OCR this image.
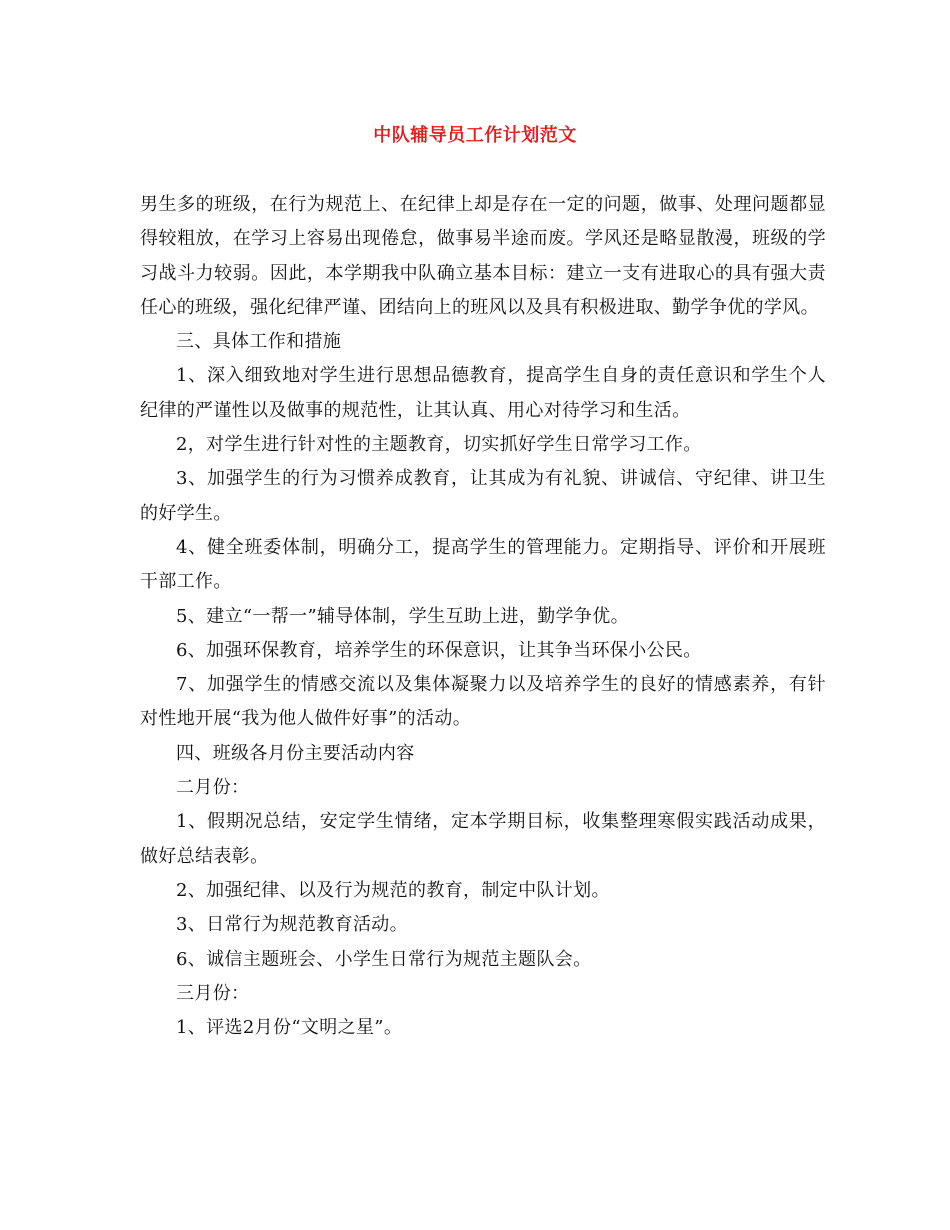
中队辅导员工作计划范文

男生多的班级，在行为规范上、在纪律上却是存在一定的问题，做事、处理问题都显得较粗放，在学习上容易出现倦怠，做事易半途而废。学风还是略显散漫，班级的学习战斗力较弱。因此，本学期我中队确立基本目标：建立一支有进取心的具有强大责任心的班级，强化纪律严谨、团结向上的班风以及具有积极进取、勤学争优的学风。

三、具体工作和措施

1、深入细致地对学生进行思想品德教育，提高学生自身的责任意识和学生个人纪律的严谨性以及做事的规范性，让其认真、用心对待学习和生活。

2，对学生进行针对性的主题教育，切实抓好学生日常学习工作。

3、加强学生的行为习惯养成教育，让其成为有礼貌、讲诚信、守纪律、讲卫生的好学生。

4、健全班委体制，明确分工，提高学生的管理能力。定期指导、评价和开展班干部工作。

5、建立“一帮一”辅导体制，学生互助上进，勤学争优。

6、加强环保教育，培养学生的环保意识，让其争当环保小公民。

7、加强学生的情感交流以及集体凝聚力以及培养学生的良好的情感素养，有针对性地开展“我为他人做件好事”的活动。

四、班级各月份主要活动内容

二月份：

1、假期况总结，安定学生情绪，定本学期目标，收集整理寒假实践活动成果，做好总结表彰。

2、加强纪律、以及行为规范的教育，制定中队计划。

3、日常行为规范教育活动。

6、诚信主题班会、小学生日常行为规范主题队会。

三月份：

1、评选2月份“文明之星”。
